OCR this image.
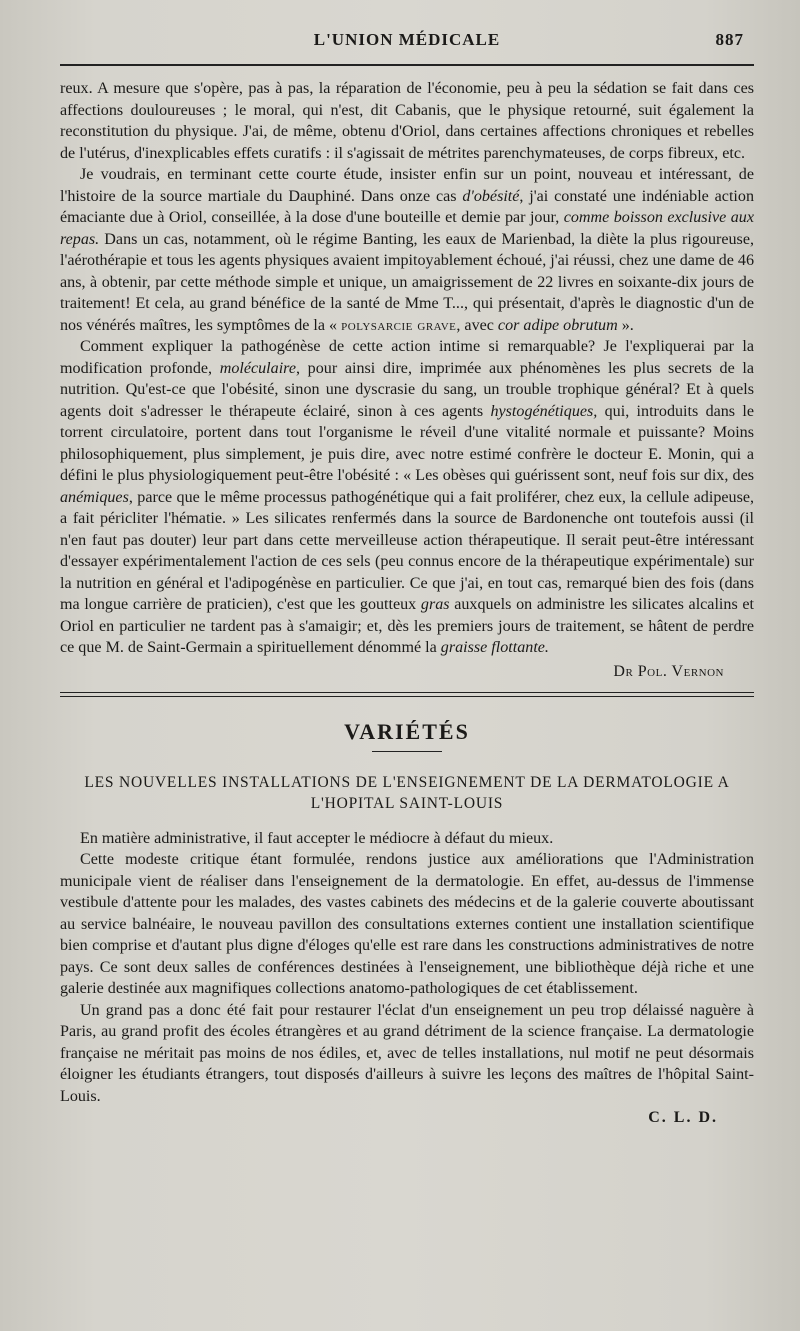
L'UNION MÉDICALE	887

reux. A mesure que s'opère, pas à pas, la réparation de l'économie, peu à peu la sédation se fait dans ces affections douloureuses ; le moral, qui n'est, dit Cabanis, que le physique retourné, suit également la reconstitution du physique. J'ai, de même, obtenu d'Oriol, dans certaines affections chroniques et rebelles de l'utérus, d'inexplicables effets curatifs : il s'agissait de métrites parenchymateuses, de corps fibreux, etc.

Je voudrais, en terminant cette courte étude, insister enfin sur un point, nouveau et intéressant, de l'histoire de la source martiale du Dauphiné. Dans onze cas d'obésité, j'ai constaté une indéniable action émaciante due à Oriol, conseillée, à la dose d'une bouteille et demie par jour, comme boisson exclusive aux repas. Dans un cas, notamment, où le régime Banting, les eaux de Marienbad, la diète la plus rigoureuse, l'aérothérapie et tous les agents physiques avaient impitoyablement échoué, j'ai réussi, chez une dame de 46 ans, à obtenir, par cette méthode simple et unique, un amaigrissement de 22 livres en soixante-dix jours de traitement! Et cela, au grand bénéfice de la santé de Mme T..., qui présentait, d'après le diagnostic d'un de nos vénérés maîtres, les symptômes de la « polysarcie grave, avec cor adipe obrutum ».

Comment expliquer la pathogénèse de cette action intime si remarquable? Je l'expliquerai par la modification profonde, moléculaire, pour ainsi dire, imprimée aux phénomènes les plus secrets de la nutrition. Qu'est-ce que l'obésité, sinon une dyscrasie du sang, un trouble trophique général? Et à quels agents doit s'adresser le thérapeute éclairé, sinon à ces agents hystogénétiques, qui, introduits dans le torrent circulatoire, portent dans tout l'organisme le réveil d'une vitalité normale et puissante? Moins philosophiquement, plus simplement, je puis dire, avec notre estimé confrère le docteur E. Monin, qui a défini le plus physiologiquement peut-être l'obésité : « Les obèses qui guérissent sont, neuf fois sur dix, des anémiques, parce que le même processus pathogénétique qui a fait proliférer, chez eux, la cellule adipeuse, a fait péricliter l'hématie. » Les silicates renfermés dans la source de Bardonenche ont toutefois aussi (il n'en faut pas douter) leur part dans cette merveilleuse action thérapeutique. Il serait peut-être intéressant d'essayer expérimentalement l'action de ces sels (peu connus encore de la thérapeutique expérimentale) sur la nutrition en général et l'adipogénèse en particulier. Ce que j'ai, en tout cas, remarqué bien des fois (dans ma longue carrière de praticien), c'est que les goutteux gras auxquels on administre les silicates alcalins et Oriol en particulier ne tardent pas à s'amaigir; et, dès les premiers jours de traitement, se hâtent de perdre ce que M. de Saint-Germain a spirituellement dénommé la graisse flottante.

Dr Pol. Vernon
VARIÉTÉS
LES NOUVELLES INSTALLATIONS DE L'ENSEIGNEMENT DE LA DERMATOLOGIE A
L'HOPITAL SAINT-LOUIS

En matière administrative, il faut accepter le médiocre à défaut du mieux.

Cette modeste critique étant formulée, rendons justice aux améliorations que l'Administration municipale vient de réaliser dans l'enseignement de la dermatologie. En effet, au-dessus de l'immense vestibule d'attente pour les malades, des vastes cabinets des médecins et de la galerie couverte aboutissant au service balnéaire, le nouveau pavillon des consultations externes contient une installation scientifique bien comprise et d'autant plus digne d'éloges qu'elle est rare dans les constructions administratives de notre pays. Ce sont deux salles de conférences destinées à l'enseignement, une bibliothèque déjà riche et une galerie destinée aux magnifiques collections anatomo-pathologiques de cet établissement.

Un grand pas a donc été fait pour restaurer l'éclat d'un enseignement un peu trop délaissé naguère à Paris, au grand profit des écoles étrangères et au grand détriment de la science française. La dermatologie française ne méritait pas moins de nos édiles, et, avec de telles installations, nul motif ne peut désormais éloigner les étudiants étrangers, tout disposés d'ailleurs à suivre les leçons des maîtres de l'hôpital Saint-Louis.

C. L. D.
